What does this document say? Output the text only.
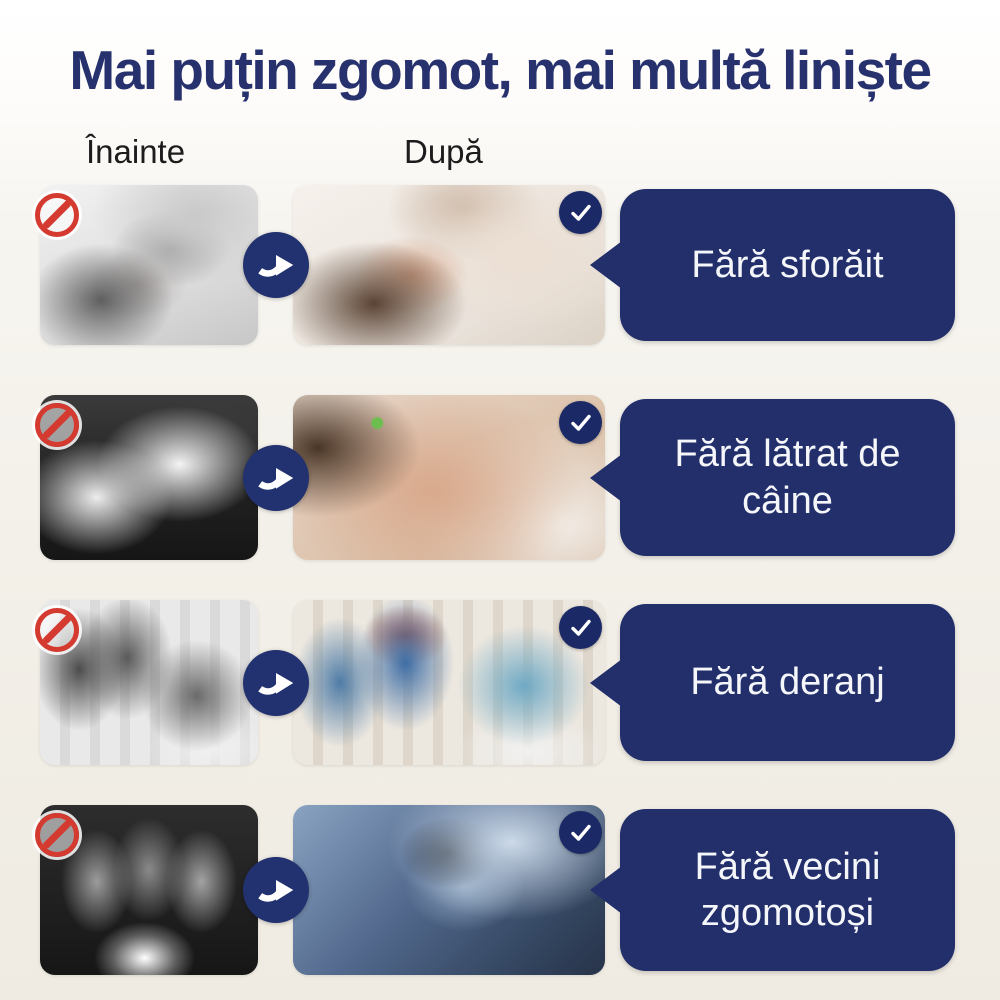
Mai puțin zgomot, mai multă liniște
Înainte	După
Fără sforăit
Fără lătrat de câine
Fără deranj
Fără vecini zgomotoși
